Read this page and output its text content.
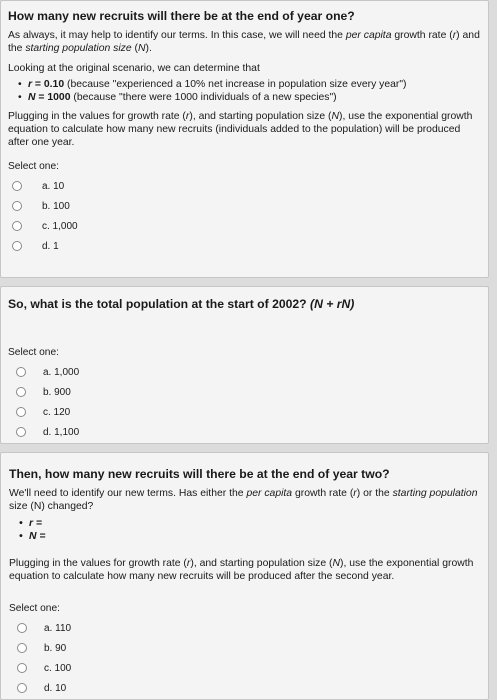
How many new recruits will there be at the end of year one?
As always, it may help to identify our terms. In this case, we will need the per capita growth rate (r) and the starting population size (N).
Looking at the original scenario, we can determine that
• r = 0.10 (because "experienced a 10% net increase in population size every year")
• N = 1000 (because "there were 1000 individuals of a new species")
Plugging in the values for growth rate (r), and starting population size (N), use the exponential growth equation to calculate how many new recruits (individuals added to the population) will be produced after one year.
Select one:
a. 10
b. 100
c. 1,000
d. 1
So, what is the total population at the start of 2002? (N + rN)
Select one:
a. 1,000
b. 900
c. 120
d. 1,100
Then, how many new recruits will there be at the end of year two?
We'll need to identify our new terms. Has either the per capita growth rate (r) or the starting population size (N) changed?
• r =
• N =
Plugging in the values for growth rate (r), and starting population size (N), use the exponential growth equation to calculate how many new recruits will be produced after the second year.
Select one:
a. 110
b. 90
c. 100
d. 10
